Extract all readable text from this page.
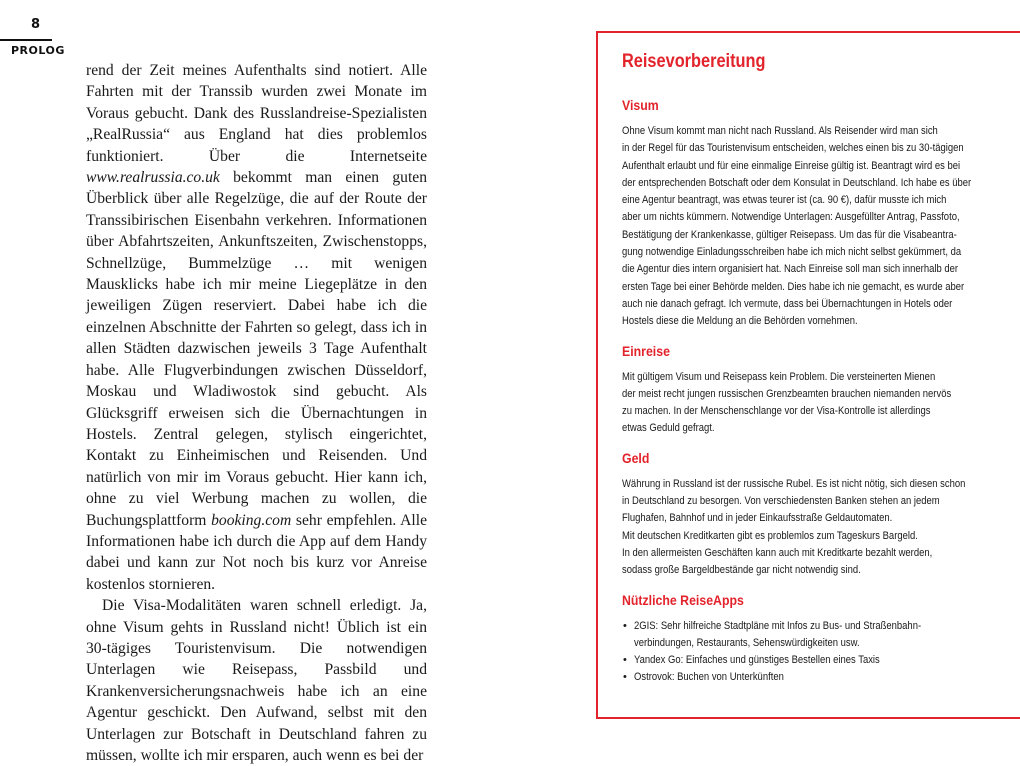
8
PROLOG

rend der Zeit meines Aufenthalts sind notiert. Alle Fahrten mit der Transsib wurden zwei Monate im Voraus gebucht. Dank des Russlandreise-Spezialisten „RealRussia“ aus England hat dies problemlos funktioniert. Über die Internetseite www.realrussia.co.uk bekommt man einen guten Überblick über alle Regelzüge, die auf der Route der Transsibirischen Eisenbahn verkehren. Informationen über Abfahrtszeiten, Ankunftszeiten, Zwischenstopps, Schnellzüge, Bummelzüge … mit wenigen Mausklicks habe ich mir meine Liegeplätze in den jeweiligen Zügen reserviert. Dabei habe ich die einzelnen Abschnitte der Fahrten so gelegt, dass ich in allen Städten dazwischen jeweils 3 Tage Aufenthalt habe. Alle Flugverbindungen zwischen Düsseldorf, Moskau und Wladiwostok sind gebucht. Als Glücksgriff erweisen sich die Übernachtungen in Hostels. Zentral gelegen, stylisch eingerichtet, Kontakt zu Einheimischen und Reisenden. Und natürlich von mir im Voraus gebucht. Hier kann ich, ohne zu viel Werbung machen zu wollen, die Buchungsplattform booking.com sehr empfehlen. Alle Informationen habe ich durch die App auf dem Handy dabei und kann zur Not noch bis kurz vor Anreise kostenlos stornieren.

Die Visa-Modalitäten waren schnell erledigt. Ja, ohne Visum gehts in Russland nicht! Üblich ist ein 30-tägiges Touristenvisum. Die notwendigen Unterlagen wie Reisepass, Passbild und Krankenversicherungsnachweis habe ich an eine Agentur geschickt. Den Aufwand, selbst mit den Unterlagen zur Botschaft in Deutschland fahren zu müssen, wollte ich mir ersparen, auch wenn es bei der

Reisevorbereitung
Visum
Ohne Visum kommt man nicht nach Russland. Als Reisender wird man sich
in der Regel für das Touristenvisum entscheiden, welches einen bis zu 30-tägigen
Aufenthalt erlaubt und für eine einmalige Einreise gültig ist. Beantragt wird es bei
der entsprechenden Botschaft oder dem Konsulat in Deutschland. Ich habe es über
eine Agentur beantragt, was etwas teurer ist (ca. 90 €), dafür musste ich mich
aber um nichts kümmern. Notwendige Unterlagen: Ausgefüllter Antrag, Passfoto,
Bestätigung der Krankenkasse, gültiger Reisepass. Um das für die Visabeantra-
gung notwendige Einladungsschreiben habe ich mich nicht selbst gekümmert, da
die Agentur dies intern organisiert hat. Nach Einreise soll man sich innerhalb der
ersten Tage bei einer Behörde melden. Dies habe ich nie gemacht, es wurde aber
auch nie danach gefragt. Ich vermute, dass bei Übernachtungen in Hotels oder
Hostels diese die Meldung an die Behörden vornehmen.
Einreise
Mit gültigem Visum und Reisepass kein Problem. Die versteinerten Mienen
der meist recht jungen russischen Grenzbeamten brauchen niemanden nervös
zu machen. In der Menschenschlange vor der Visa-Kontrolle ist allerdings
etwas Geduld gefragt.
Geld
Währung in Russland ist der russische Rubel. Es ist nicht nötig, sich diesen schon
in Deutschland zu besorgen. Von verschiedensten Banken stehen an jedem
Flughafen, Bahnhof und in jeder Einkaufsstraße Geldautomaten.
Mit deutschen Kreditkarten gibt es problemlos zum Tageskurs Bargeld.
In den allermeisten Geschäften kann auch mit Kreditkarte bezahlt werden,
sodass große Bargeldbestände gar nicht notwendig sind.
Nützliche ReiseApps
• 2GIS: Sehr hilfreiche Stadtpläne mit Infos zu Bus- und Straßenbahn-
verbindungen, Restaurants, Sehenswürdigkeiten usw.
• Yandex Go: Einfaches und günstiges Bestellen eines Taxis
• Ostrovok: Buchen von Unterkünften
